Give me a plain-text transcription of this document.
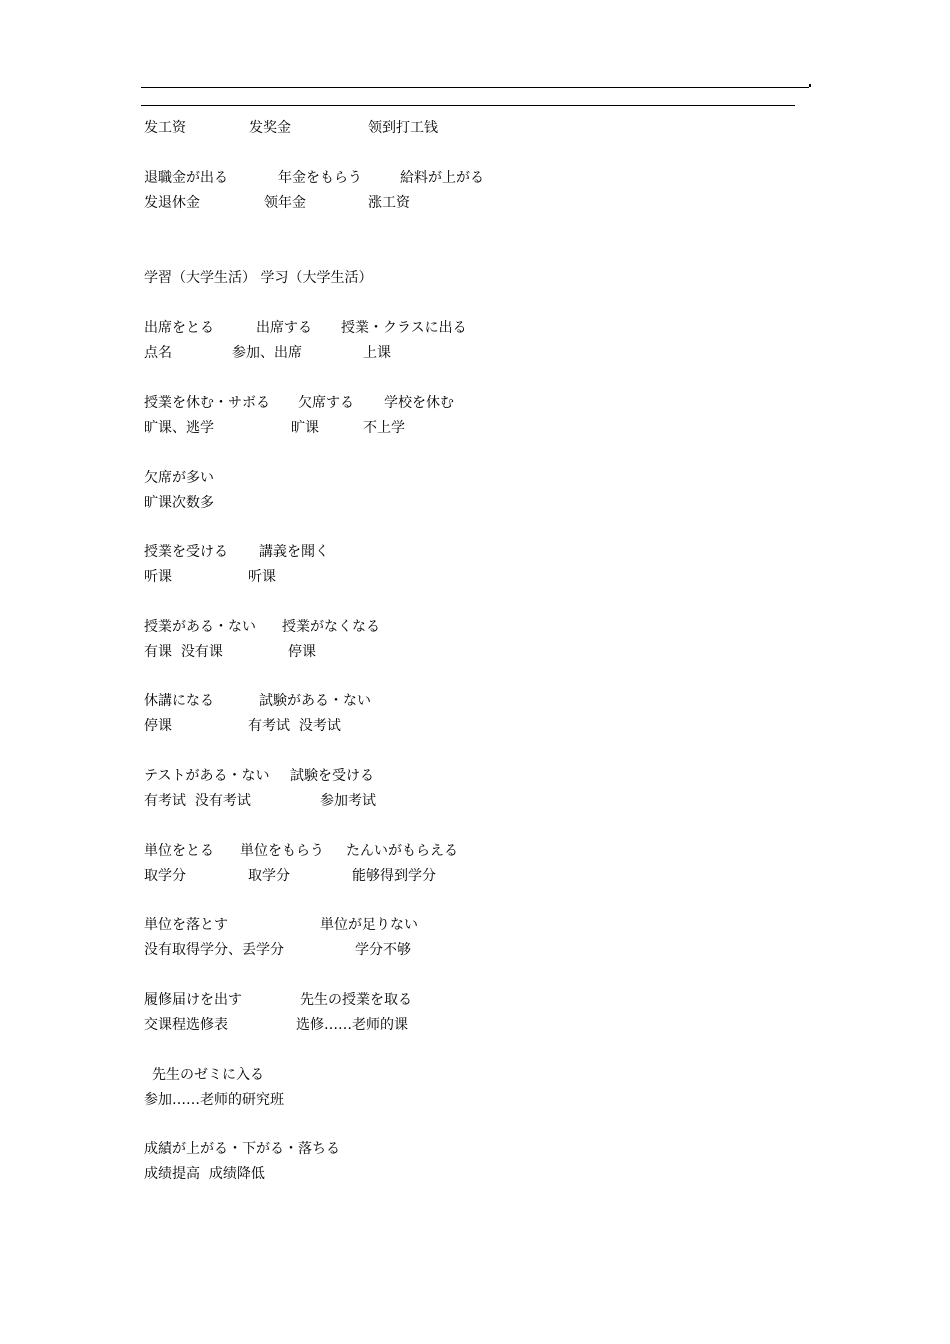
发工资	发奖金	领到打工钱
退職金が出る	年金をもらう	給料が上がる
发退休金	领年金	涨工资
学習（大学生活） 学习（大学生活）
出席をとる	出席する 授業・クラスに出る
点名	参加、出席	上课
授業を休む・サボる 欠席する 学校を休む
旷课、逃学	旷课	不上学
欠席が多い
旷课次数多
授業を受ける 講義を聞く
听课	听课
授業がある・ない 授業がなくなる
有课  没有课	停课
休講になる	試験がある・ない
停课	有考试  没考试
テストがある・ない 試験を受ける
有考试  没有考试	参加考试
単位をとる 単位をもらう たんいがもらえる
取学分	取学分	能够得到学分
単位を落とす	単位が足りない
没有取得学分、丢学分	学分不够
履修届けを出す	先生の授業を取る
交课程选修表	选修……老师的课
先生のゼミに入る
参加……老师的研究班
成績が上がる・下がる・落ちる
成绩提高  成绩降低
